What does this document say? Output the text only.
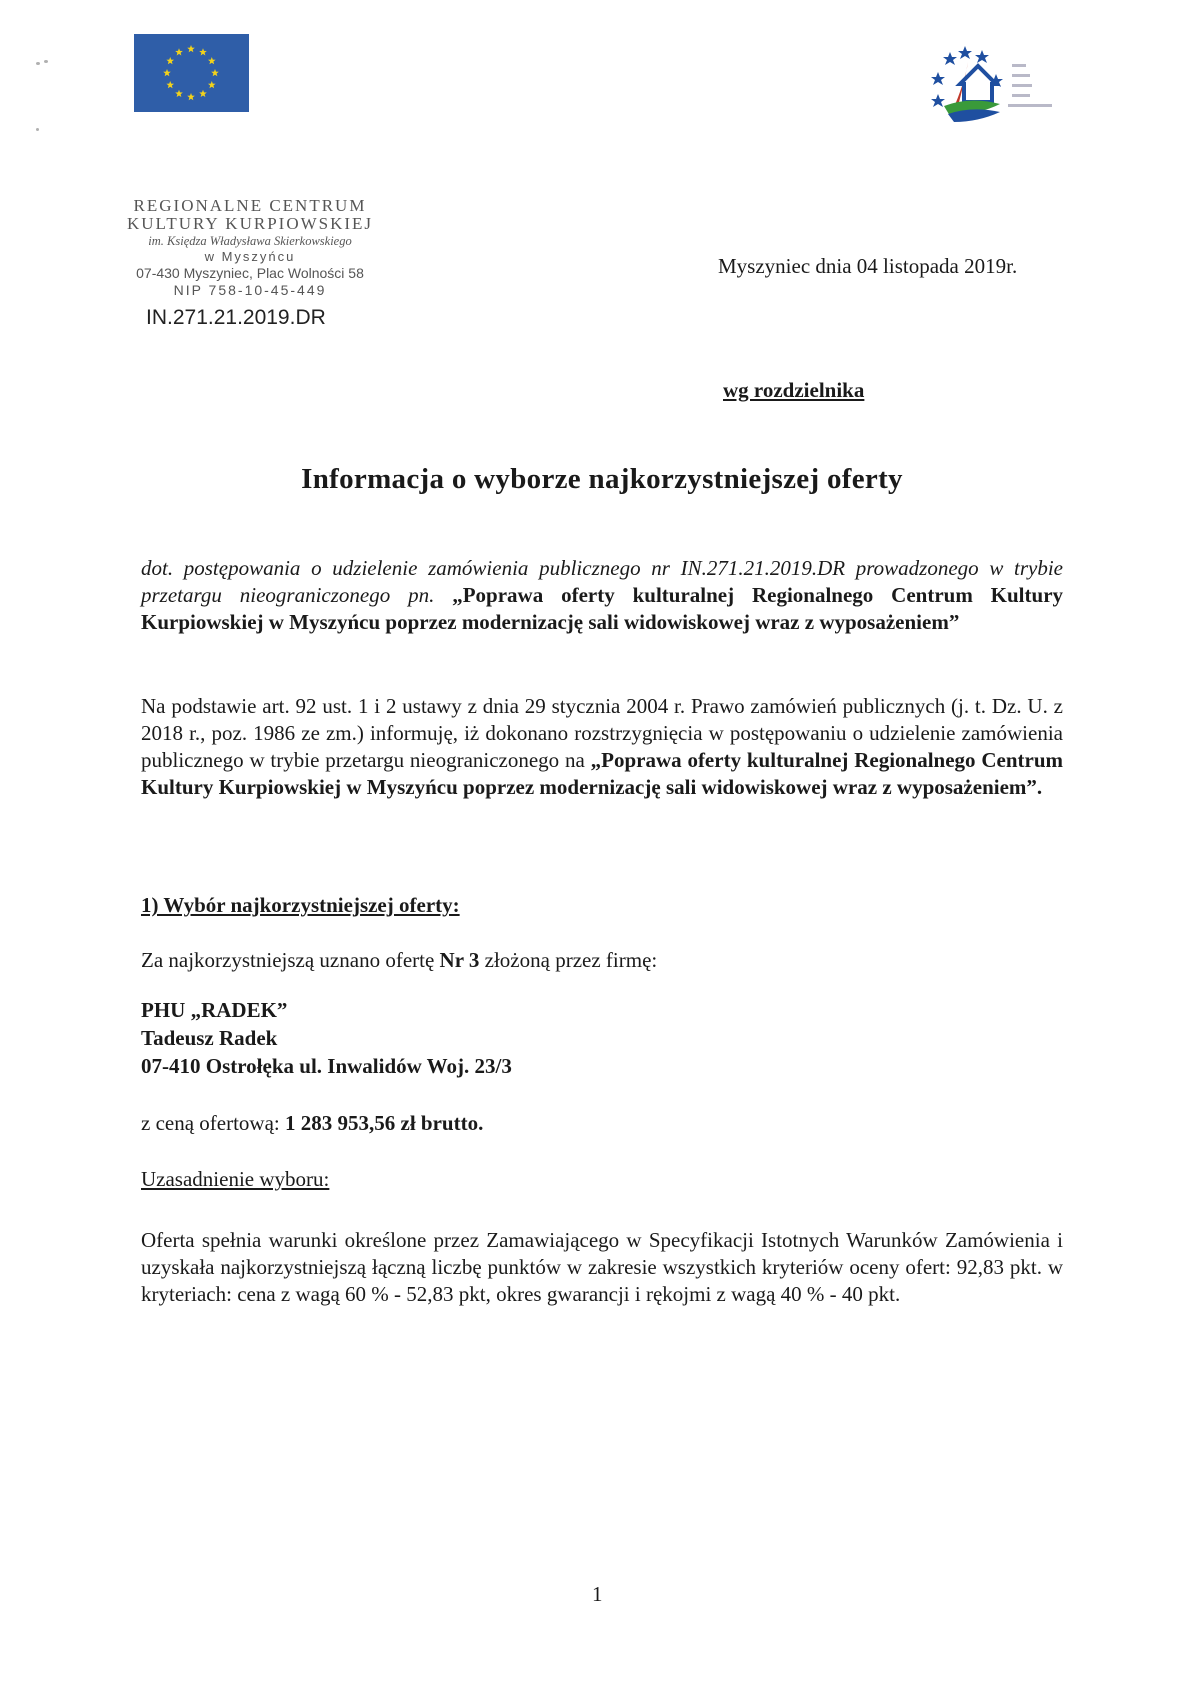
REGIONALNE CENTRUM
KULTURY KURPIOWSKIEJ
im. Księdza Władysława Skierkowskiego
w Myszyńcu
07-430 Myszyniec, Plac Wolności 58
NIP 758-10-45-449
IN.271.21.2019.DR
Myszyniec dnia 04 listopada 2019r.
wg rozdzielnika
Informacja o wyborze najkorzystniejszej oferty
dot. postępowania o udzielenie zamówienia publicznego nr IN.271.21.2019.DR prowadzonego w trybie przetargu nieograniczonego pn. „Poprawa oferty kulturalnej Regionalnego Centrum Kultury Kurpiowskiej w Myszyńcu poprzez modernizację sali widowiskowej wraz z wyposażeniem”
Na podstawie art. 92 ust. 1 i 2 ustawy z dnia 29 stycznia 2004 r. Prawo zamówień publicznych (j. t. Dz. U. z 2018 r., poz. 1986 ze zm.) informuję, iż dokonano rozstrzygnięcia w postępowaniu o udzielenie zamówienia publicznego w trybie przetargu nieograniczonego na „Poprawa oferty kulturalnej Regionalnego Centrum Kultury Kurpiowskiej w Myszyńcu poprzez modernizację sali widowiskowej wraz z wyposażeniem”.
1) Wybór najkorzystniejszej oferty:
Za najkorzystniejszą uznano ofertę Nr 3 złożoną przez firmę:
PHU „RADEK”
Tadeusz Radek
07-410 Ostrołęka ul. Inwalidów Woj. 23/3
z ceną ofertową: 1 283 953,56 zł brutto.
Uzasadnienie wyboru:
Oferta spełnia warunki określone przez Zamawiającego w Specyfikacji Istotnych Warunków Zamówienia i uzyskała najkorzystniejszą łączną liczbę punktów w zakresie wszystkich kryteriów oceny ofert: 92,83 pkt. w kryteriach: cena z wagą 60 % - 52,83 pkt, okres gwarancji i rękojmi z wagą 40 % - 40 pkt.
1
